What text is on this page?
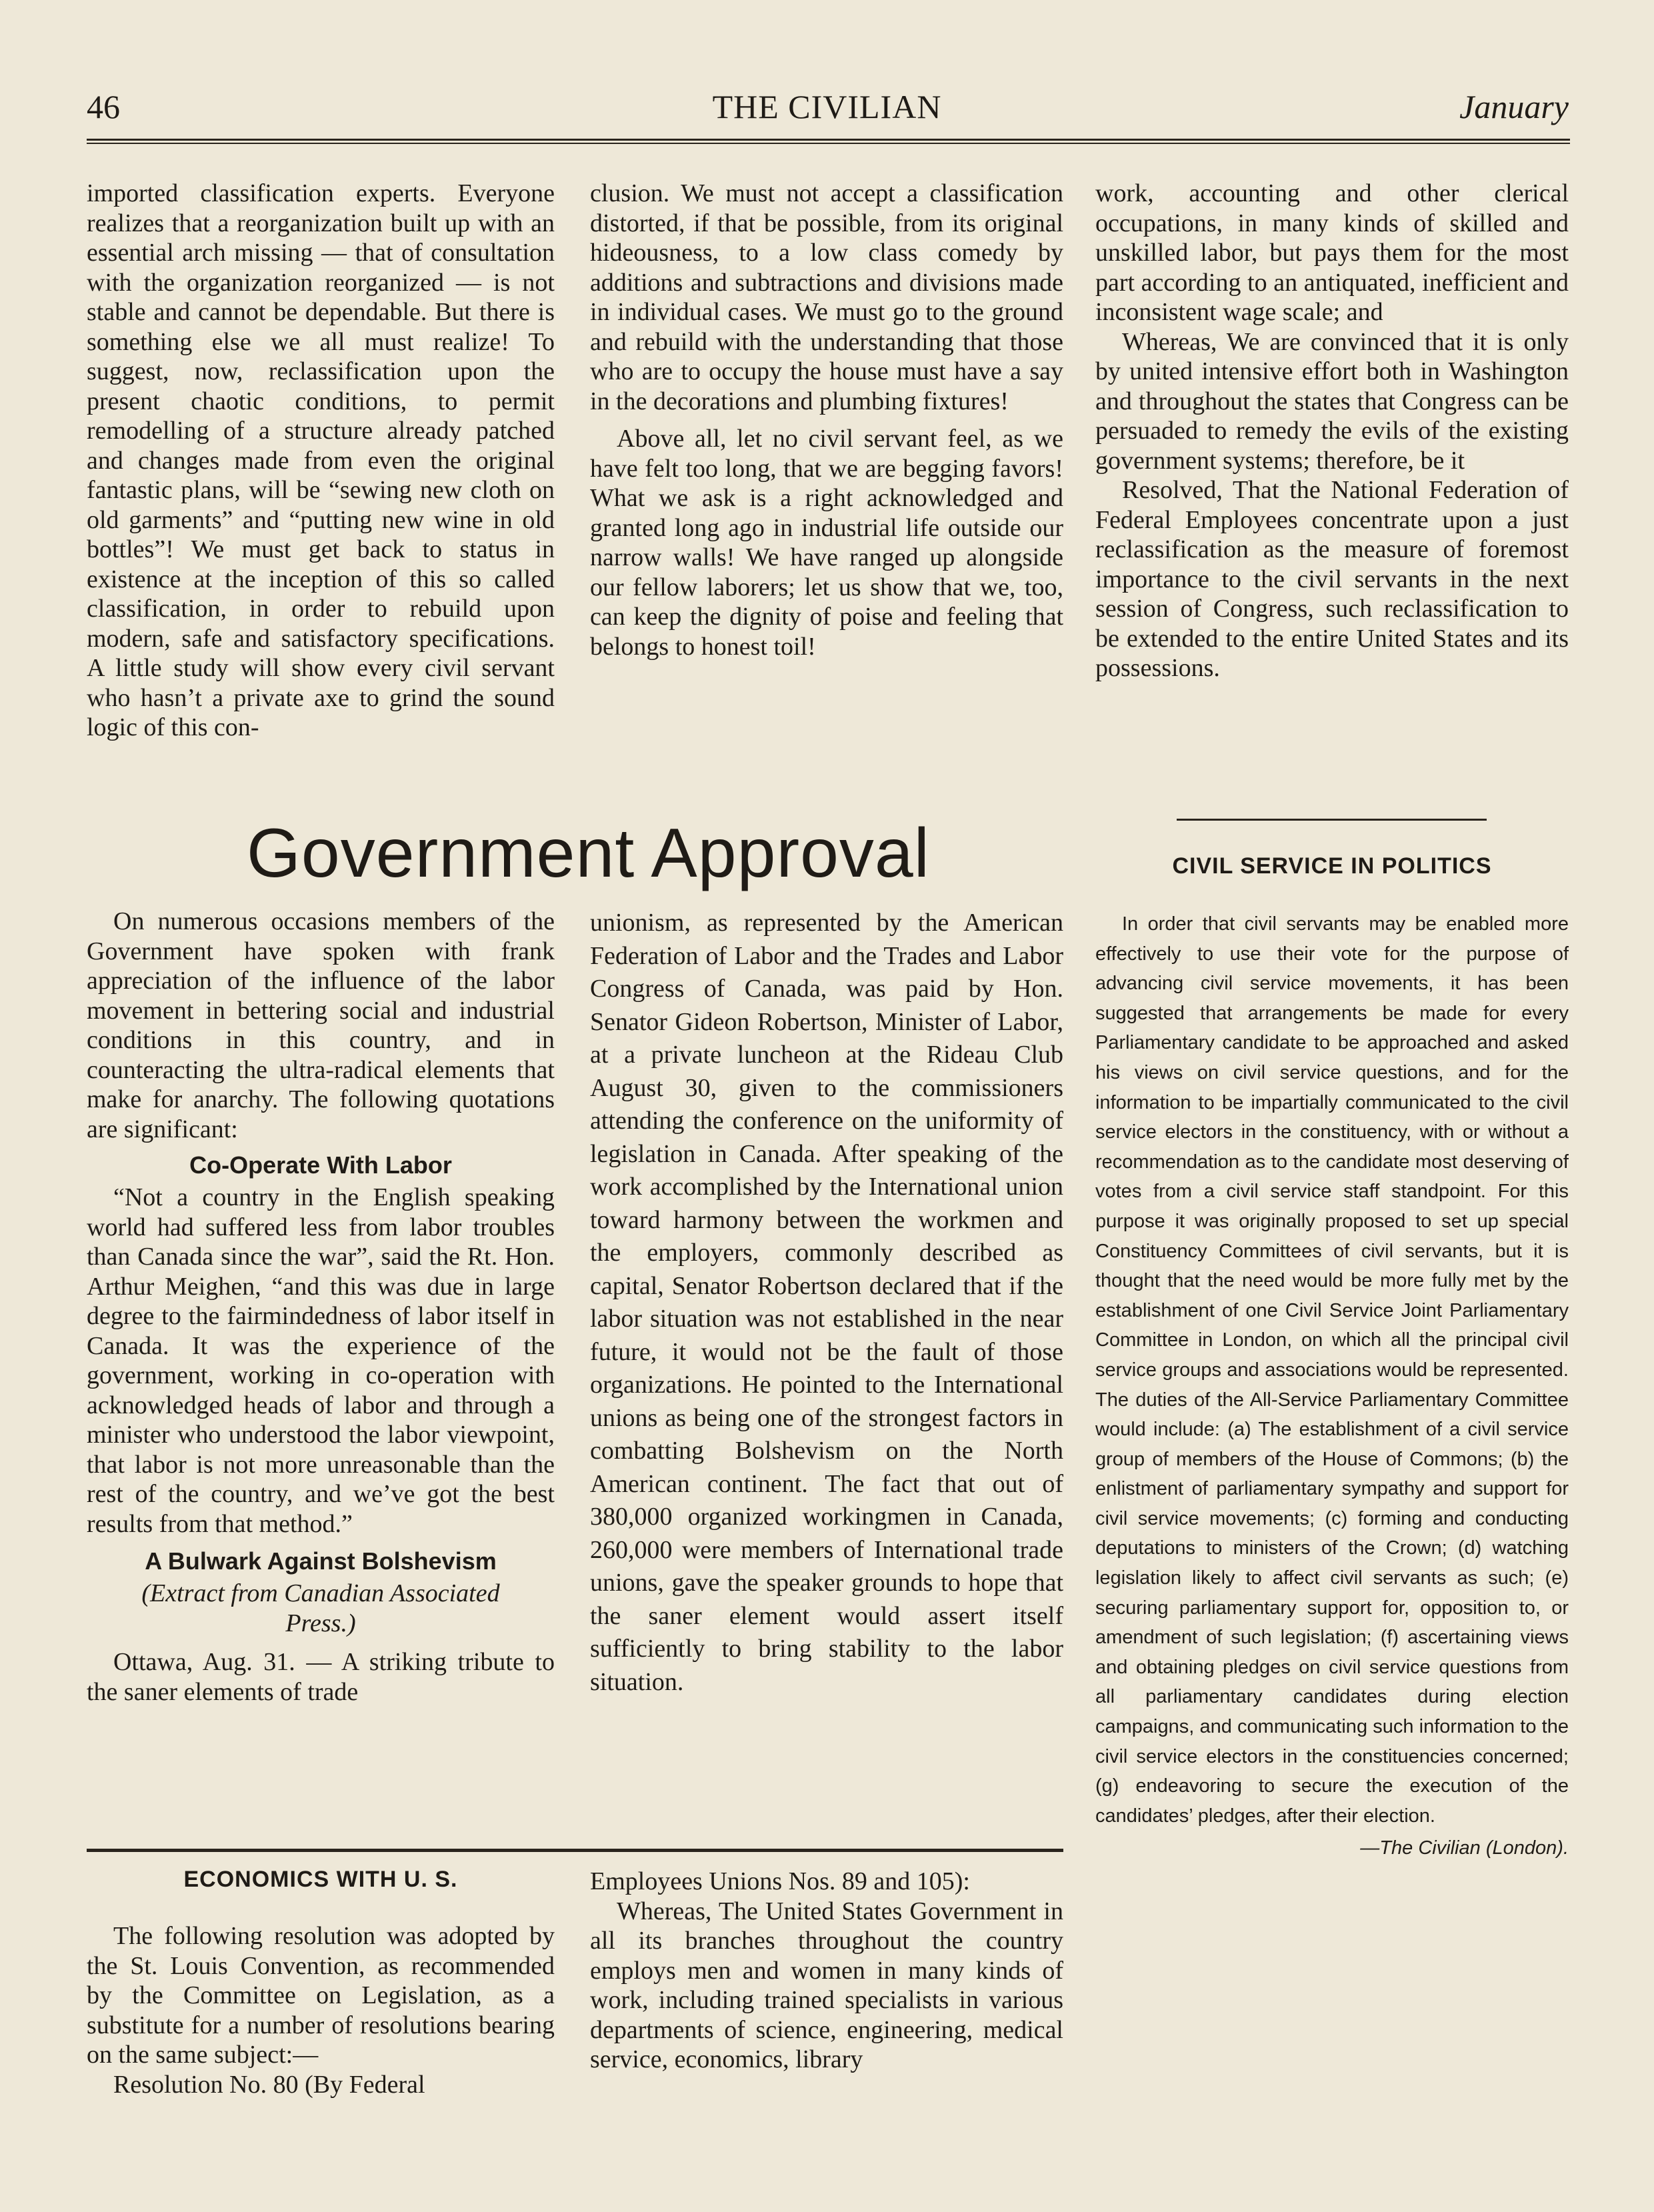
46	THE CIVILIAN	January

imported classification experts. Everyone realizes that a reorganization built up with an essential arch missing — that of consultation with the organization reorganized — is not stable and cannot be dependable. But there is something else we all must realize! To suggest, now, reclassification upon the present chaotic conditions, to permit remodelling of a structure already patched and changes made from even the original fantastic plans, will be “sewing new cloth on old garments” and “putting new wine in old bottles”! We must get back to status in existence at the inception of this so called classification, in order to rebuild upon modern, safe and satisfactory specifications. A little study will show every civil servant who hasn’t a private axe to grind the sound logic of this con-

clusion. We must not accept a classification distorted, if that be possible, from its original hideousness, to a low class comedy by additions and subtractions and divisions made in individual cases. We must go to the ground and rebuild with the understanding that those who are to occupy the house must have a say in the decorations and plumbing fixtures!

Above all, let no civil servant feel, as we have felt too long, that we are begging favors! What we ask is a right acknowledged and granted long ago in industrial life outside our narrow walls! We have ranged up alongside our fellow laborers; let us show that we, too, can keep the dignity of poise and feeling that belongs to honest toil!

work, accounting and other clerical occupations, in many kinds of skilled and unskilled labor, but pays them for the most part according to an antiquated, inefficient and inconsistent wage scale; and

Whereas, We are convinced that it is only by united intensive effort both in Washington and throughout the states that Congress can be persuaded to remedy the evils of the existing government systems; therefore, be it

Resolved, That the National Federation of Federal Employees concentrate upon a just reclassification as the measure of foremost importance to the civil servants in the next session of Congress, such reclassification to be extended to the entire United States and its possessions.

Government Approval

On numerous occasions members of the Government have spoken with frank appreciation of the influence of the labor movement in bettering social and industrial conditions in this country, and in counteracting the ultra-radical elements that make for anarchy. The following quotations are significant:

Co-Operate With Labor

“Not a country in the English speaking world had suffered less from labor troubles than Canada since the war”, said the Rt. Hon. Arthur Meighen, “and this was due in large degree to the fairmindedness of labor itself in Canada. It was the experience of the government, working in co-operation with acknowledged heads of labor and through a minister who understood the labor viewpoint, that labor is not more unreasonable than the rest of the country, and we’ve got the best results from that method.”

A Bulwark Against Bolshevism

(Extract from Canadian Associated

Press.)

Ottawa, Aug. 31. — A striking tribute to the saner elements of trade

unionism, as represented by the American Federation of Labor and the Trades and Labor Congress of Canada, was paid by Hon. Senator Gideon Robertson, Minister of Labor, at a private luncheon at the Rideau Club August 30, given to the commissioners attending the conference on the uniformity of legislation in Canada. After speaking of the work accomplished by the International union toward harmony between the workmen and the employers, commonly described as capital, Senator Robertson declared that if the labor situation was not established in the near future, it would not be the fault of those organizations. He pointed to the International unions as being one of the strongest factors in combatting Bolshevism on the North American continent. The fact that out of 380,000 organized workingmen in Canada, 260,000 were members of International trade unions, gave the speaker grounds to hope that the saner element would assert itself sufficiently to bring stability to the labor situation.

CIVIL SERVICE IN POLITICS

In order that civil servants may be enabled more effectively to use their vote for the purpose of advancing civil service movements, it has been suggested that arrangements be made for every Parliamentary candidate to be approached and asked his views on civil service questions, and for the information to be impartially communicated to the civil service electors in the constituency, with or without a recommendation as to the candidate most deserving of votes from a civil service staff standpoint. For this purpose it was originally proposed to set up special Constituency Committees of civil servants, but it is thought that the need would be more fully met by the establishment of one Civil Service Joint Parliamentary Committee in London, on which all the principal civil service groups and associations would be represented. The duties of the All-Service Parliamentary Committee would include: (a) The establishment of a civil service group of members of the House of Commons; (b) the enlistment of parliamentary sympathy and support for civil service movements; (c) forming and conducting deputations to ministers of the Crown; (d) watching legislation likely to affect civil servants as such; (e) securing parliamentary support for, opposition to, or amendment of such legislation; (f) ascertaining views and obtaining pledges on civil service questions from all parliamentary candidates during election campaigns, and communicating such information to the civil service electors in the constituencies concerned; (g) endeavoring to secure the execution of the candidates’ pledges, after their election.

—The Civilian (London).

ECONOMICS WITH U. S.

The following resolution was adopted by the St. Louis Convention, as recommended by the Committee on Legislation, as a substitute for a number of resolutions bearing on the same subject:—

Resolution No. 80 (By Federal

Employees Unions Nos. 89 and 105):

Whereas, The United States Government in all its branches throughout the country employs men and women in many kinds of work, including trained specialists in various departments of science, engineering, medical service, economics, library
